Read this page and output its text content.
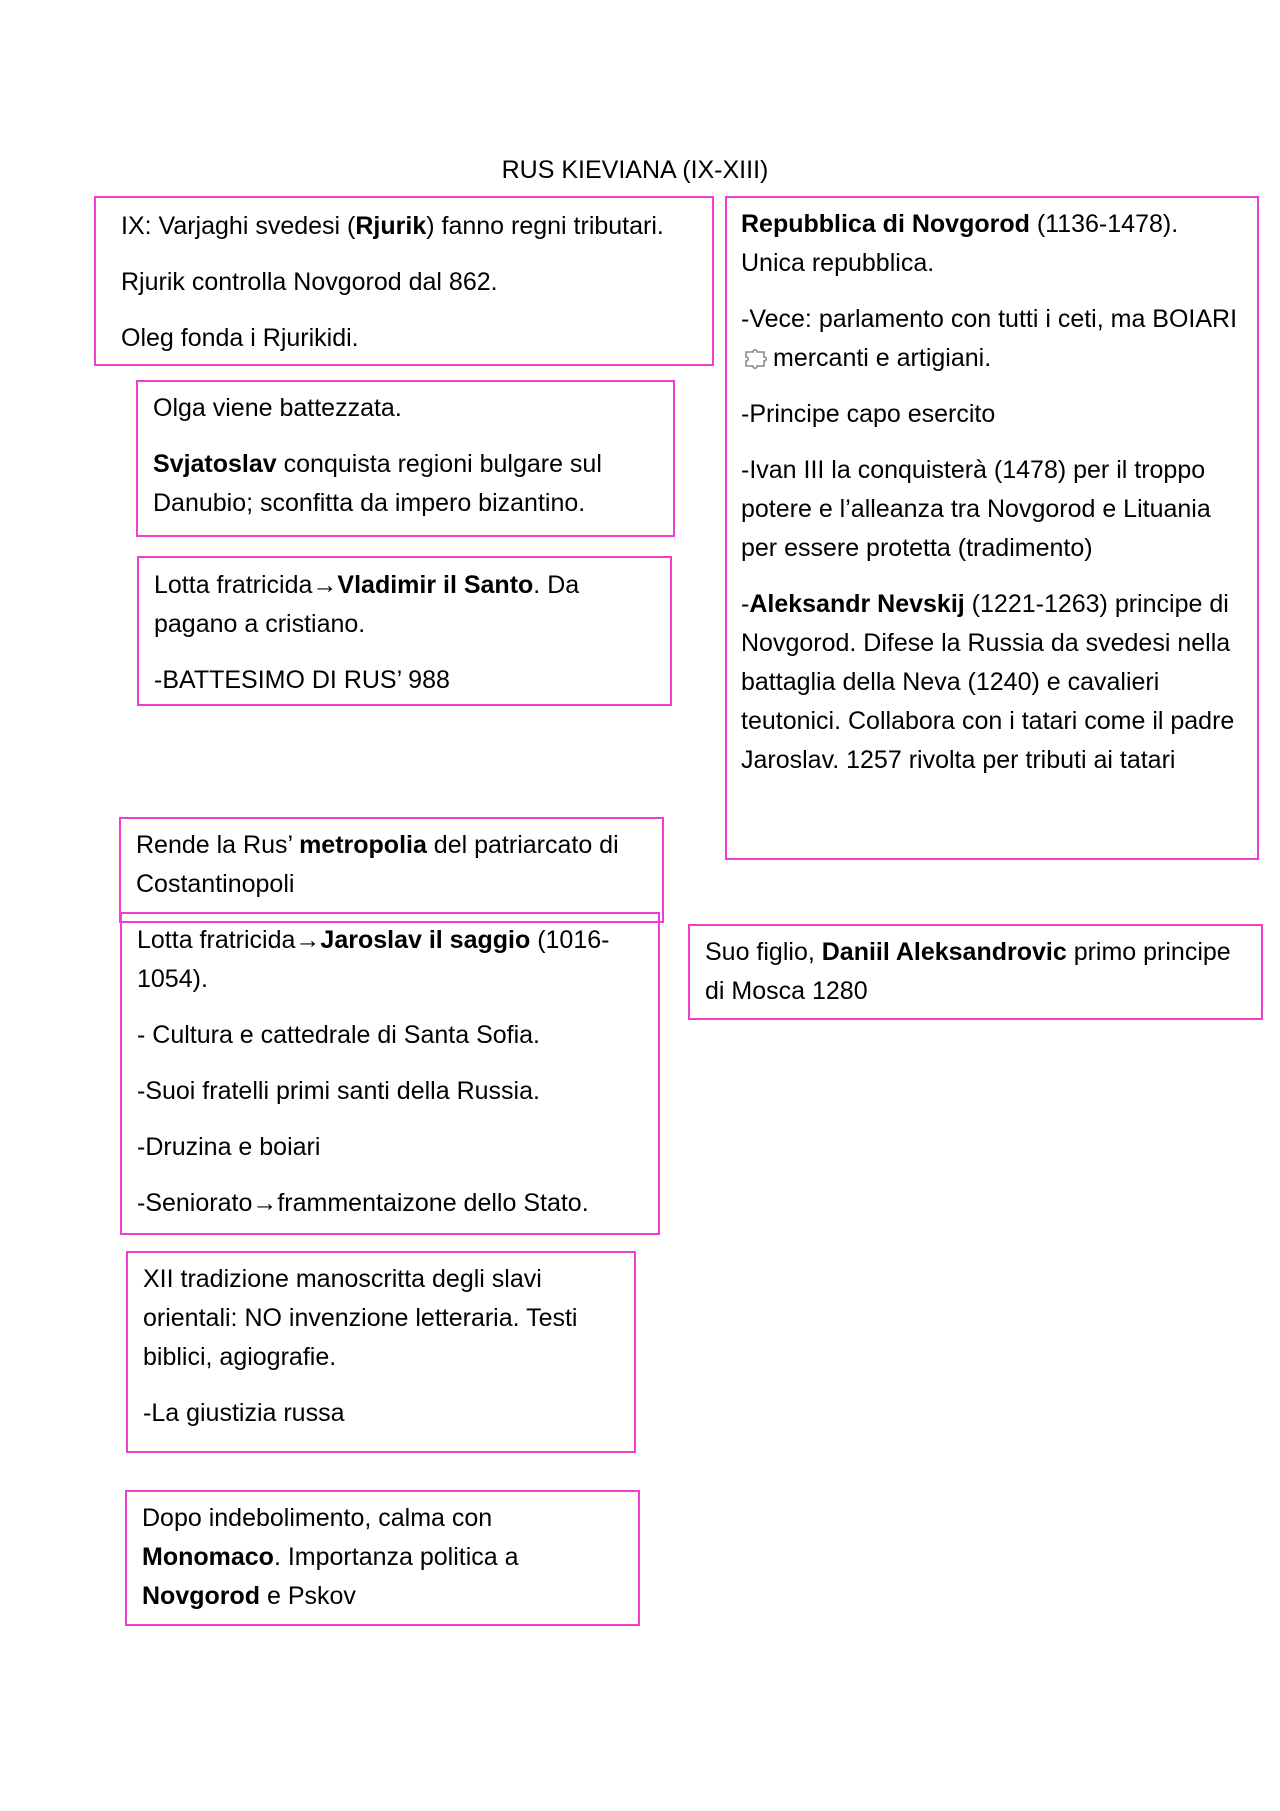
RUS KIEVIANA (IX-XIII)

IX: Varjaghi svedesi (Rjurik) fanno regni tributari.

Rjurik controlla Novgorod dal 862.

Oleg fonda i Rjurikidi.

Olga viene battezzata.

Svjatoslav conquista regioni bulgare sul Danubio; sconfitta da impero bizantino.

Lotta fratricida→Vladimir il Santo. Da pagano a cristiano.

-BATTESIMO DI RUS’ 988

Rende la Rus’ metropolia del patriarcato di Costantinopoli

Lotta fratricida→Jaroslav il saggio (1016-1054).

- Cultura e cattedrale di Santa Sofia.

-Suoi fratelli primi santi della Russia.

-Druzina e boiari

-Seniorato→frammentaizone dello Stato.

XII tradizione manoscritta degli slavi orientali: NO invenzione letteraria. Testi biblici, agiografie.

-La giustizia russa

Dopo indebolimento, calma con Monomaco. Importanza politica a Novgorod e Pskov

Repubblica di Novgorod (1136-1478). Unica repubblica.

-Vece: parlamento con tutti i ceti, ma BOIARI mercanti e artigiani.

-Principe capo esercito

-Ivan III la conquisterà (1478) per il troppo potere e l’alleanza tra Novgorod e Lituania per essere protetta (tradimento)

-Aleksandr Nevskij (1221-1263) principe di Novgorod. Difese la Russia da svedesi nella battaglia della Neva (1240) e cavalieri teutonici. Collabora con i tatari come il padre Jaroslav. 1257 rivolta per tributi ai tatari

Suo figlio, Daniil Aleksandrovic primo principe di Mosca 1280
